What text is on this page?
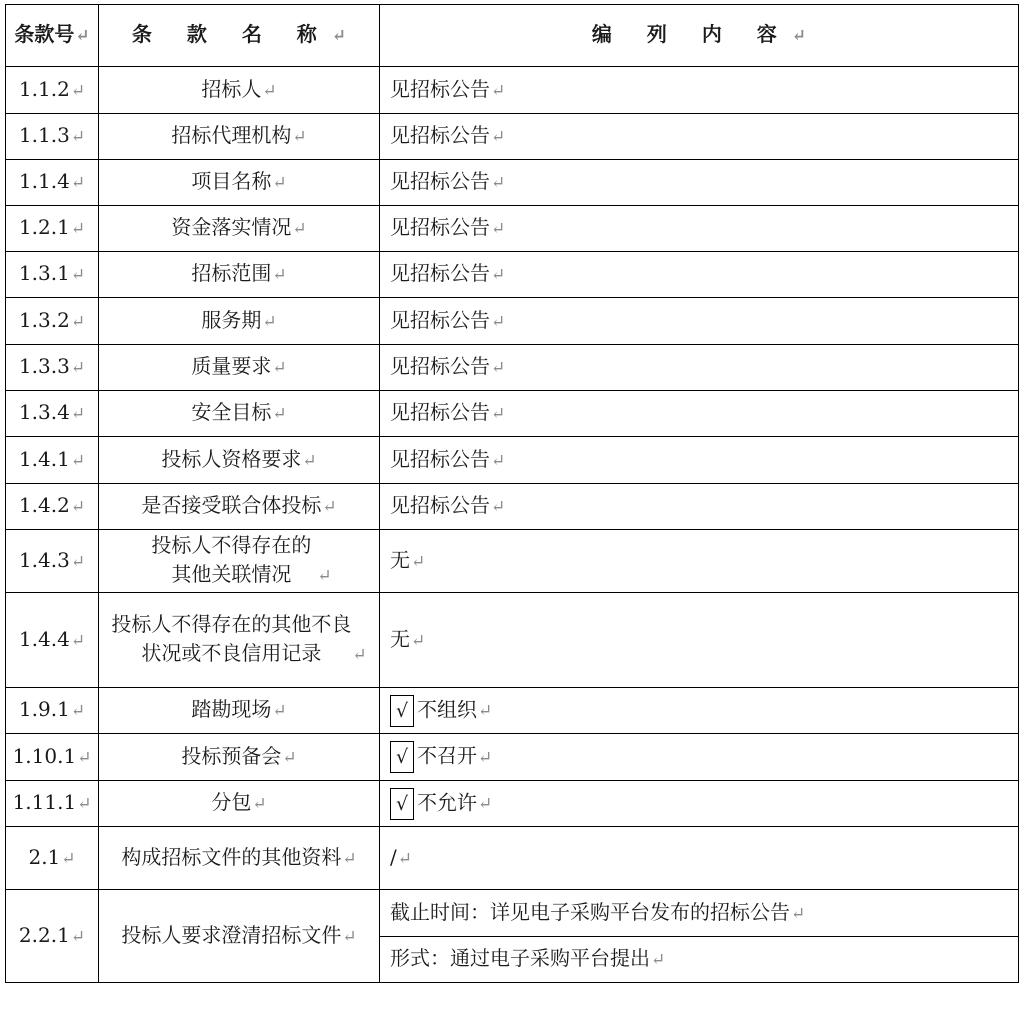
条款号↵	条 款 名 称↵	编 列 内 容↵
1.1.2↵	招标人↵	见招标公告↵
1.1.3↵	招标代理机构↵	见招标公告↵
1.1.4↵	项目名称↵	见招标公告↵
1.2.1↵	资金落实情况↵	见招标公告↵
1.3.1↵	招标范围↵	见招标公告↵
1.3.2↵	服务期↵	见招标公告↵
1.3.3↵	质量要求↵	见招标公告↵
1.3.4↵	安全目标↵	见招标公告↵
1.4.1↵	投标人资格要求↵	见招标公告↵
1.4.2↵	是否接受联合体投标↵	见招标公告↵
1.4.3↵	投标人不得存在的其他关联情况 ↵	无↵
1.4.4↵	投标人不得存在的其他不良状况或不良信用记录 ↵	无↵
1.9.1↵	踏勘现场↵	√ 不组织↵
1.10.1↵	投标预备会↵	√ 不召开↵
1.11.1↵	分包↵	√ 不允许↵
2.1↵	构成招标文件的其他资料↵	/↵
2.2.1↵	投标人要求澄清招标文件↵	截止时间：详见电子采购平台发布的招标公告↵
		形式：通过电子采购平台提出↵
